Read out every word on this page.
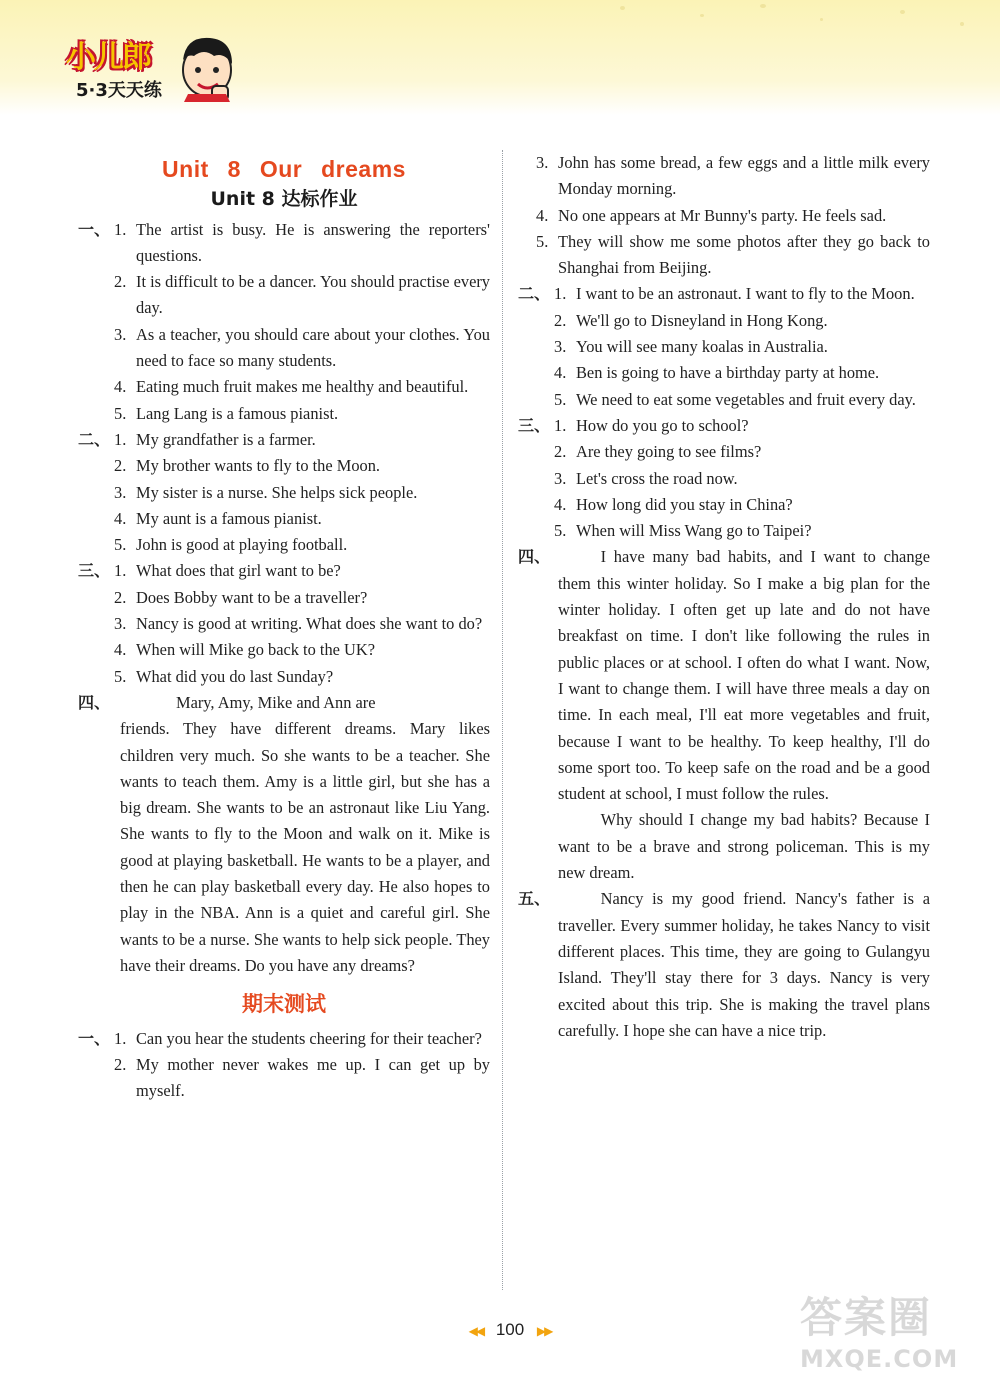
小儿郎
5·3天天练
Unit 8 Our dreams
Unit 8 达标作业
一、 1. The artist is busy. He is answering the reporters' questions.
2. It is difficult to be a dancer. You should practise every day.
3. As a teacher, you should care about your clothes. You need to face so many students.
4. Eating much fruit makes me healthy and beautiful.
5. Lang Lang is a famous pianist.
二、 1. My grandfather is a farmer.
2. My brother wants to fly to the Moon.
3. My sister is a nurse. She helps sick people.
4. My aunt is a famous pianist.
5. John is good at playing football.
三、 1. What does that girl want to be?
2. Does Bobby want to be a traveller?
3. Nancy is good at writing. What does she want to do?
4. When will Mike go back to the UK?
5. What did you do last Sunday?
四、	Mary, Amy, Mike and Ann are
friends. They have different dreams. Mary likes children very much. So she wants to be a teacher. She wants to teach them. Amy is a little girl, but she has a big dream. She wants to be an astronaut like Liu Yang. She wants to fly to the Moon and walk on it. Mike is good at playing basketball. He wants to be a player, and then he can play basketball every day. He also hopes to play in the NBA. Ann is a quiet and careful girl. She wants to be a nurse. She wants to help sick people. They have their dreams. Do you have any dreams?
期末测试
一、 1. Can you hear the students cheering for their teacher?
2. My mother never wakes me up. I can get up by myself.
3. John has some bread, a few eggs and a little milk every Monday morning.
4. No one appears at Mr Bunny's party. He feels sad.
5. They will show me some photos after they go back to Shanghai from Beijing.
二、 1. I want to be an astronaut. I want to fly to the Moon.
2. We'll go to Disneyland in Hong Kong.
3. You will see many koalas in Australia.
4. Ben is going to have a birthday party at home.
5. We need to eat some vegetables and fruit every day.
三、 1. How do you go to school?
2. Are they going to see films?
3. Let's cross the road now.
4. How long did you stay in China?
5. When will Miss Wang go to Taipei?
四、	I have many bad habits, and I want to change them this winter holiday. So I make a big plan for the winter holiday. I often get up late and do not have breakfast on time. I don't like following the rules in public places or at school. I often do what I want. Now, I want to change them. I will have three meals a day on time. In each meal, I'll eat more vegetables and fruit, because I want to be healthy. To keep healthy, I'll do some sport too. To keep safe on the road and be a good student at school, I must follow the rules.

Why should I change my bad habits? Because I want to be a brave and strong policeman. This is my new dream.

五、	Nancy is my good friend. Nancy's father is a traveller. Every summer holiday, he takes Nancy to visit different places. This time, they are going to Gulangyu Island. They'll stay there for 3 days. Nancy is very excited about this trip. She is making the travel plans carefully. I hope she can have a nice trip.

◀◀ 100 ▶▶	答案圈
MXQE.COM
